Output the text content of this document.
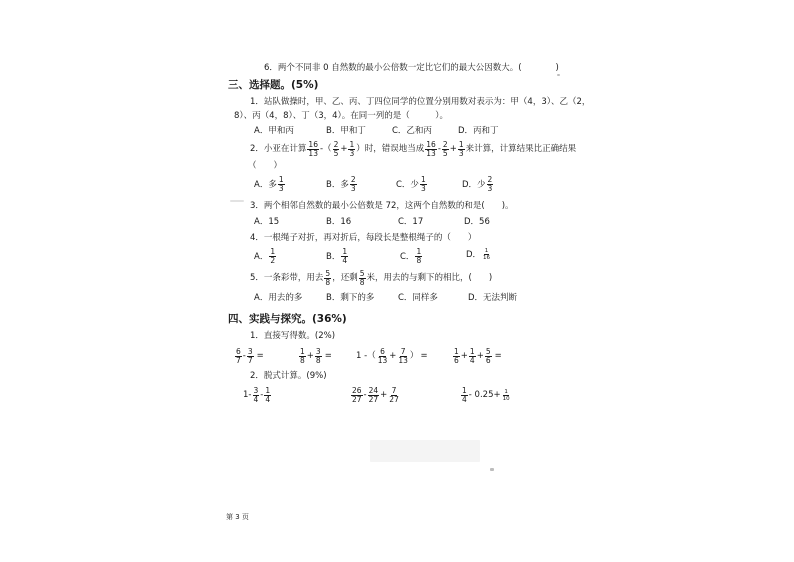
6．两个不同非 0 自然数的最小公倍数一定比它们的最大公因数大。(　　　　)
三、选择题。(5%)
1．站队做操时，甲、乙、丙、丁四位同学的位置分别用数对表示为：甲（4，3）、乙（2，
8）、丙（4，8）、丁（3，4）。在同一列的是（　　　）。
A．甲和丙	B．甲和丁	C．乙和丙	D．丙和丁
2．小亚在计算 $\frac{16}{13}$ - （ $\frac{2}{5} + \frac{1}{3}$ ） 时，错误地当成 $\frac{16}{13} - \frac{2}{5} + \frac{1}{3}$ 来计算，计算结果比正确结果
（　　）
A．多 $\frac{1}{3}$	B．多 $\frac{2}{3}$	C．少 $\frac{1}{3}$	D．少 $\frac{2}{3}$
3．两个相邻自然数的最小公倍数是 72，这两个自然数的和是(　　)。
A．15	B．16	C．17	D．56
4．一根绳子对折，再对折后，每段长是整根绳子的（　　）
A． $\frac{1}{2}$	B． $\frac{1}{4}$	C． $\frac{1}{8}$	D． $\frac{1}{16}$
5．一条彩带，用去 $\frac{5}{8}$ ，还剩 $\frac{5}{8}$ 米，用去的与剩下的相比，(　　)
A．用去的多	B．剩下的多	C．同样多	D．无法判断
四、实践与探究。(36%)
1．直接写得数。(2%)
$\frac{6}{7} - \frac{3}{7}$ =	$\frac{1}{8} + \frac{3}{8}$ =	1 - （ $\frac{6}{13} + \frac{7}{13}$ ） =	$\frac{1}{6} + \frac{1}{4} + \frac{5}{6}$ =
2．脱式计算。(9%)
$1 - \frac{3}{4} - \frac{1}{4}$	$\frac{26}{27} - \frac{24}{27} + \frac{7}{27}$	$\frac{1}{4} - 0.25+ \frac{1}{10}$
第 3 页
